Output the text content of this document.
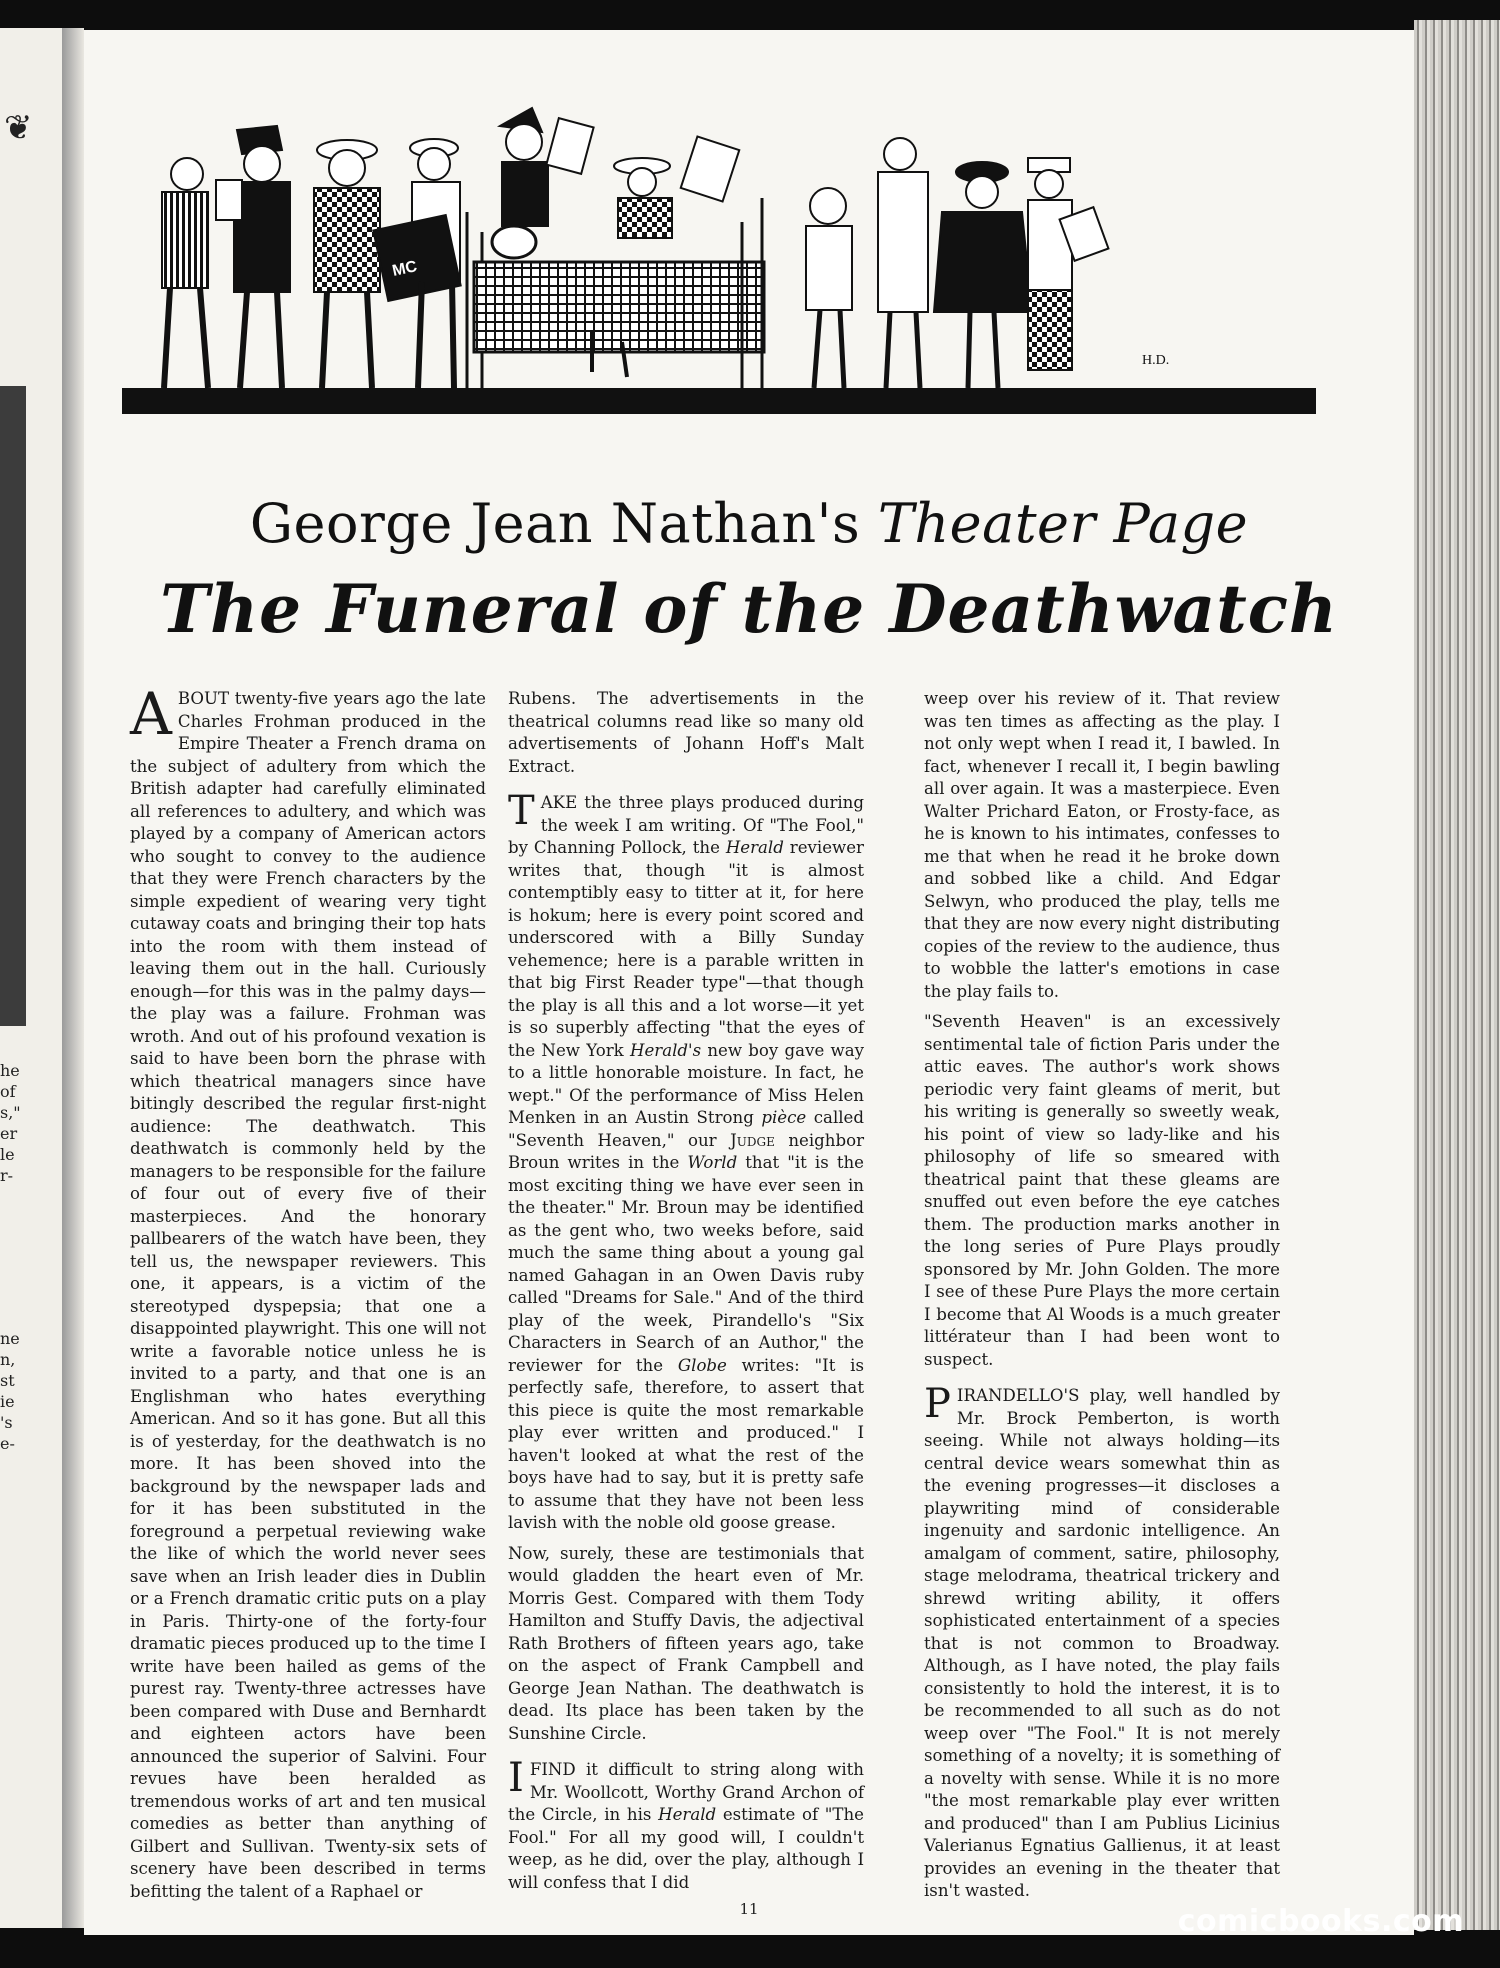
❦
he
of
s,"
er
le
r-
ne
n,
st
ie
's
e-
MC
H.D.
George Jean Nathan's Theater Page
The Funeral of the Deathwatch

ABOUT twenty-five years ago the late Charles Frohman produced in the Empire Theater a French drama on the subject of adultery from which the British adapter had carefully eliminated all references to adultery, and which was played by a company of American actors who sought to convey to the audience that they were French characters by the simple expedient of wearing very tight cutaway coats and bringing their top hats into the room with them instead of leaving them out in the hall. Curiously enough—for this was in the palmy days—the play was a failure. Frohman was wroth. And out of his profound vexation is said to have been born the phrase with which theatrical managers since have bitingly described the regular first-night audience: The deathwatch. This deathwatch is commonly held by the managers to be responsible for the failure of four out of every five of their masterpieces. And the honorary pallbearers of the watch have been, they tell us, the newspaper reviewers. This one, it appears, is a victim of the stereotyped dyspepsia; that one a disappointed playwright. This one will not write a favorable notice unless he is invited to a party, and that one is an Englishman who hates everything American. And so it has gone. But all this is of yesterday, for the deathwatch is no more. It has been shoved into the background by the newspaper lads and for it has been substituted in the foreground a perpetual reviewing wake the like of which the world never sees save when an Irish leader dies in Dublin or a French dramatic critic puts on a play in Paris. Thirty-one of the forty-four dramatic pieces produced up to the time I write have been hailed as gems of the purest ray. Twenty-three actresses have been compared with Duse and Bernhardt and eighteen actors have been announced the superior of Salvini. Four revues have been heralded as tremendous works of art and ten musical comedies as better than anything of Gilbert and Sullivan. Twenty-six sets of scenery have been described in terms befitting the talent of a Raphael or

Rubens. The advertisements in the theatrical columns read like so many old advertisements of Johann Hoff's Malt Extract.

TAKE the three plays produced during the week I am writing. Of "The Fool," by Channing Pollock, the Herald reviewer writes that, though "it is almost contemptibly easy to titter at it, for here is hokum; here is every point scored and underscored with a Billy Sunday vehemence; here is a parable written in that big First Reader type"—that though the play is all this and a lot worse—it yet is so superbly affecting "that the eyes of the New York Herald's new boy gave way to a little honorable moisture. In fact, he wept." Of the performance of Miss Helen Menken in an Austin Strong pièce called "Seventh Heaven," our Judge neighbor Broun writes in the World that "it is the most exciting thing we have ever seen in the theater." Mr. Broun may be identified as the gent who, two weeks before, said much the same thing about a young gal named Gahagan in an Owen Davis ruby called "Dreams for Sale." And of the third play of the week, Pirandello's "Six Characters in Search of an Author," the reviewer for the Globe writes: "It is perfectly safe, therefore, to assert that this piece is quite the most remarkable play ever written and produced." I haven't looked at what the rest of the boys have had to say, but it is pretty safe to assume that they have not been less lavish with the noble old goose grease.

Now, surely, these are testimonials that would gladden the heart even of Mr. Morris Gest. Compared with them Tody Hamilton and Stuffy Davis, the adjectival Rath Brothers of fifteen years ago, take on the aspect of Frank Campbell and George Jean Nathan. The deathwatch is dead. Its place has been taken by the Sunshine Circle.

I FIND it difficult to string along with Mr. Woollcott, Worthy Grand Archon of the Circle, in his Herald estimate of "The Fool." For all my good will, I couldn't weep, as he did, over the play, although I will confess that I did

weep over his review of it. That review was ten times as affecting as the play. I not only wept when I read it, I bawled. In fact, whenever I recall it, I begin bawling all over again. It was a masterpiece. Even Walter Prichard Eaton, or Frosty-face, as he is known to his intimates, confesses to me that when he read it he broke down and sobbed like a child. And Edgar Selwyn, who produced the play, tells me that they are now every night distributing copies of the review to the audience, thus to wobble the latter's emotions in case the play fails to.

"Seventh Heaven" is an excessively sentimental tale of fiction Paris under the attic eaves. The author's work shows periodic very faint gleams of merit, but his writing is generally so sweetly weak, his point of view so lady-like and his philosophy of life so smeared with theatrical paint that these gleams are snuffed out even before the eye catches them. The production marks another in the long series of Pure Plays proudly sponsored by Mr. John Golden. The more I see of these Pure Plays the more certain I become that Al Woods is a much greater littérateur than I had been wont to suspect.

PIRANDELLO'S play, well handled by Mr. Brock Pemberton, is worth seeing. While not always holding—its central device wears somewhat thin as the evening progresses—it discloses a playwriting mind of considerable ingenuity and sardonic intelligence. An amalgam of comment, satire, philosophy, stage melodrama, theatrical trickery and shrewd writing ability, it offers sophisticated entertainment of a species that is not common to Broadway. Although, as I have noted, the play fails consistently to hold the interest, it is to be recommended to all such as do not weep over "The Fool." It is not merely something of a novelty; it is something of a novelty with sense. While it is no more "the most remarkable play ever written and produced" than I am Publius Licinius Valerianus Egnatius Gallienus, it at least provides an evening in the theater that isn't wasted.

11	comicbooks.com
